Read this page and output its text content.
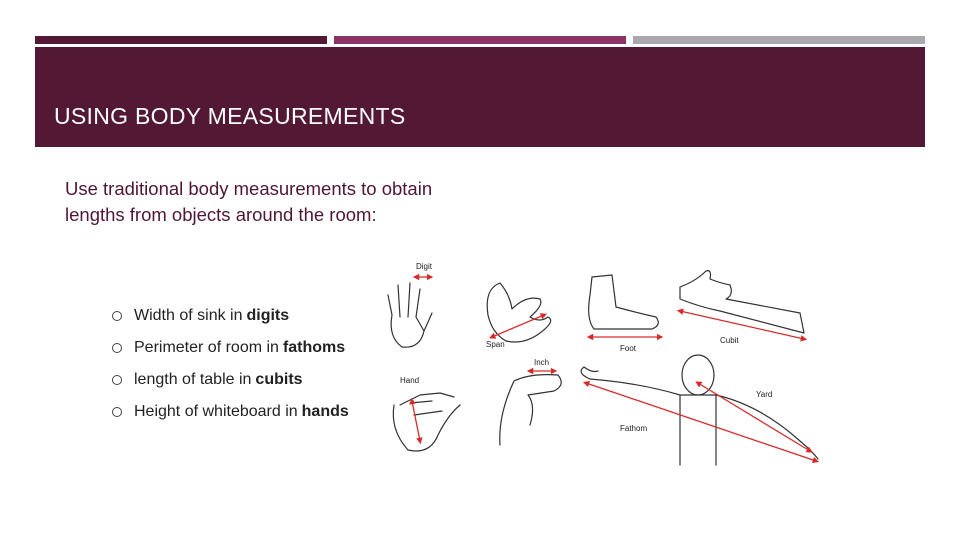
USING BODY MEASUREMENTS
Use traditional body measurements to obtain lengths from objects around the room:
Width of sink in digits
Perimeter of room in fathoms
length of table in cubits
Height of whiteboard in hands
Digit
Hand
Span	Foot
Cubit
Inch
Yard
Fathom
